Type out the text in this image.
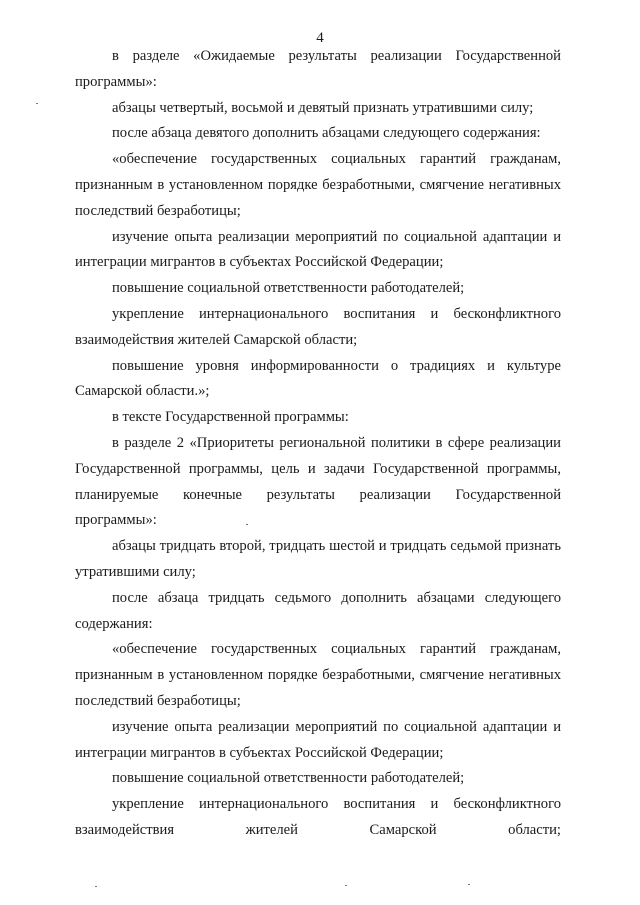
4

в разделе «Ожидаемые результаты реализации Государственной программы»:

абзацы четвертый, восьмой и девятый признать утратившими силу;

после абзаца девятого дополнить абзацами следующего содержания:

«обеспечение государственных социальных гарантий гражданам, признанным в установленном порядке безработными, смягчение негативных последствий безработицы;

изучение опыта реализации мероприятий по социальной адаптации и интеграции мигрантов в субъектах Российской Федерации;

повышение социальной ответственности работодателей;

укрепление интернационального воспитания и бесконфликтного взаимодействия жителей Самарской области;

повышение уровня информированности о традициях и культуре Самарской области.»;

в тексте Государственной программы:

в разделе 2 «Приоритеты региональной политики в сфере реализации Государственной программы, цель и задачи Государственной программы, планируемые конечные результаты реализации Государственной программы»:

абзацы тридцать второй, тридцать шестой и тридцать седьмой признать утратившими силу;

после абзаца тридцать седьмого дополнить абзацами следующего содержания:

«обеспечение государственных социальных гарантий гражданам, признанным в установленном порядке безработными, смягчение негативных последствий безработицы;

изучение опыта реализации мероприятий по социальной адаптации и интеграции мигрантов в субъектах Российской Федерации;

повышение социальной ответственности работодателей;

укрепление интернационального воспитания и бесконфликтного взаимодействия жителей Самарской области;
